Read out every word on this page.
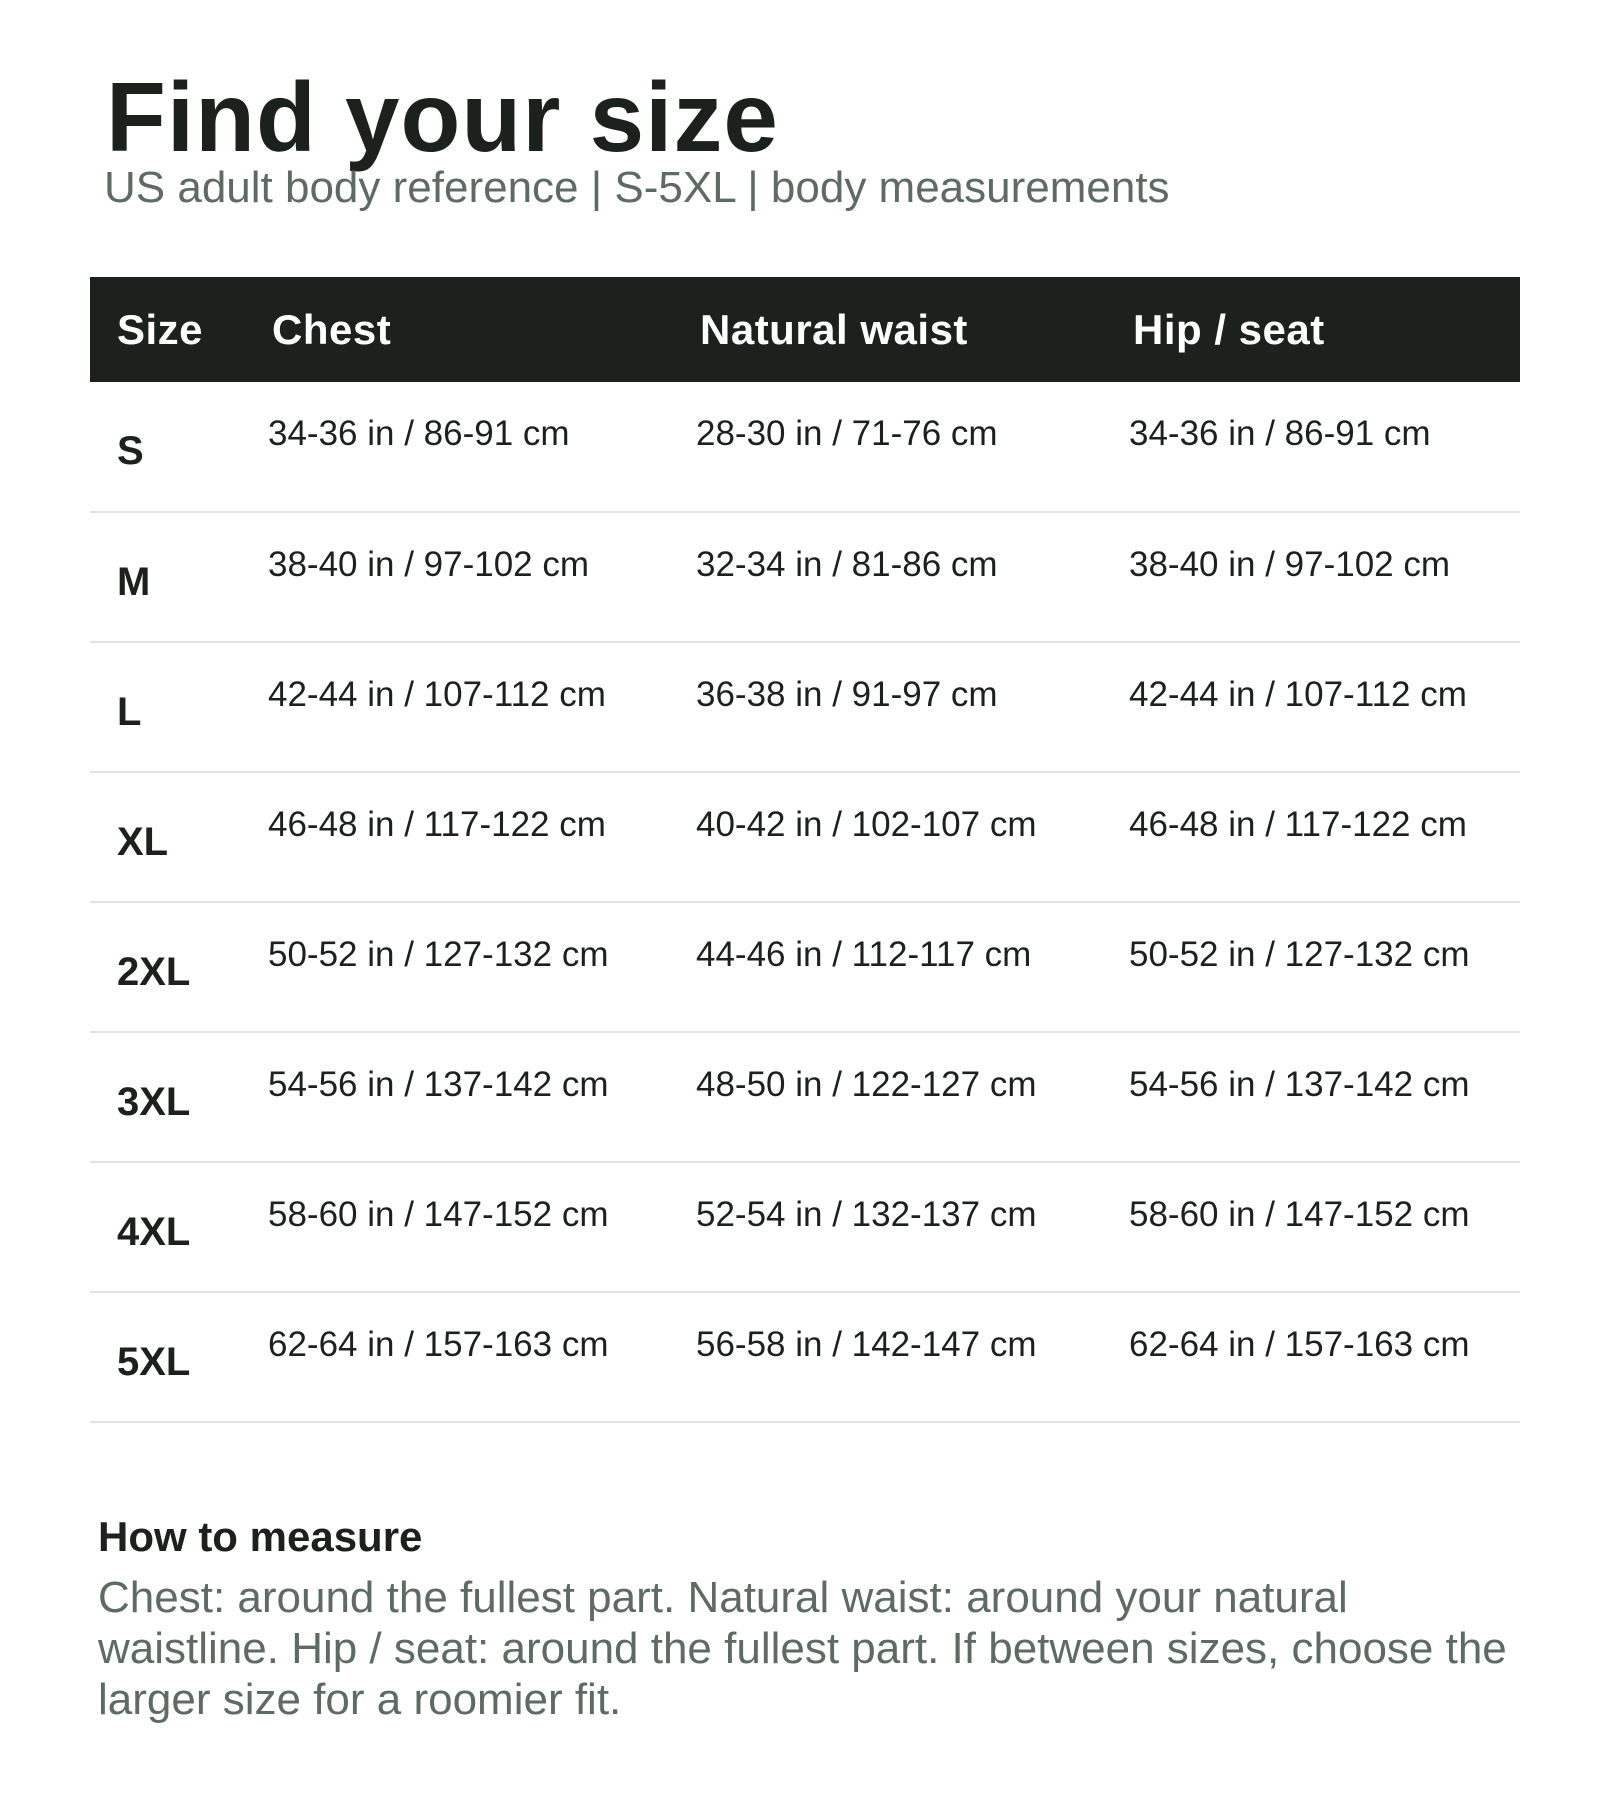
Find your size

US adult body reference | S-5XL | body measurements

Size	Chest	Natural waist	Hip / seat
S	34-36 in / 86-91 cm	28-30 in / 71-76 cm	34-36 in / 86-91 cm
M	38-40 in / 97-102 cm	32-34 in / 81-86 cm	38-40 in / 97-102 cm
L	42-44 in / 107-112 cm	36-38 in / 91-97 cm	42-44 in / 107-112 cm
XL	46-48 in / 117-122 cm	40-42 in / 102-107 cm	46-48 in / 117-122 cm
2XL	50-52 in / 127-132 cm	44-46 in / 112-117 cm	50-52 in / 127-132 cm
3XL	54-56 in / 137-142 cm	48-50 in / 122-127 cm	54-56 in / 137-142 cm
4XL	58-60 in / 147-152 cm	52-54 in / 132-137 cm	58-60 in / 147-152 cm
5XL	62-64 in / 157-163 cm	56-58 in / 142-147 cm	62-64 in / 157-163 cm
How to measure

Chest: around the fullest part. Natural waist: around your natural waistline. Hip / seat: around the fullest part. If between sizes, choose the larger size for a roomier fit.
